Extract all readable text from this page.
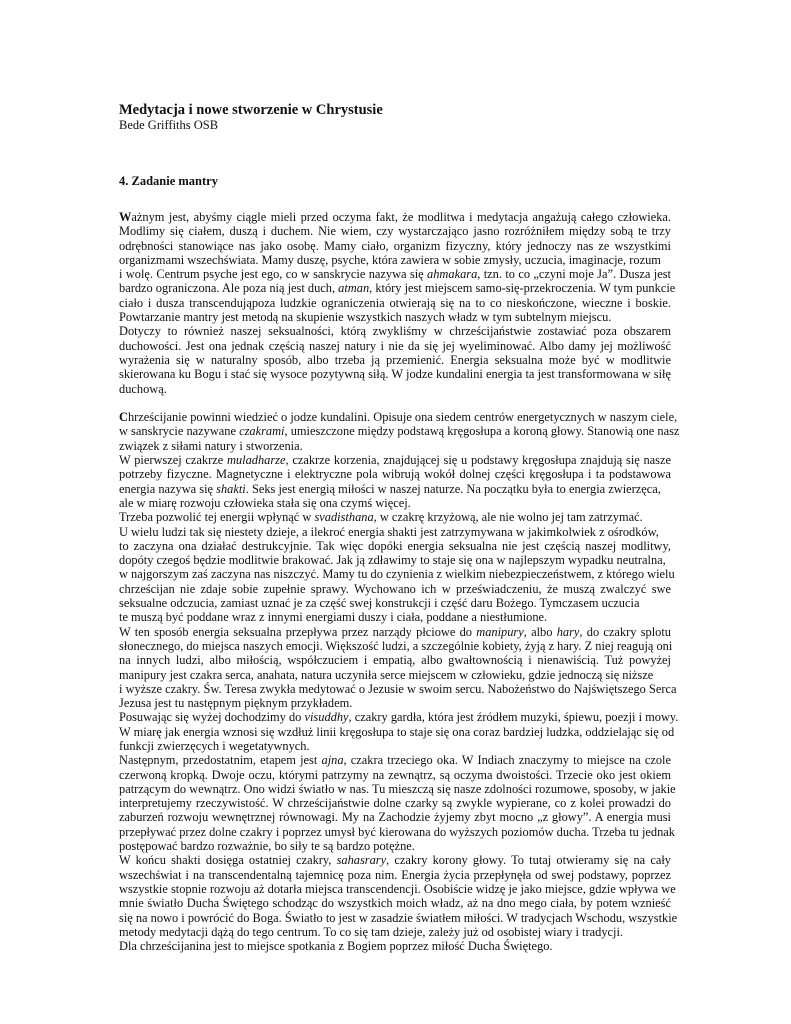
Medytacja i nowe stworzenie w Chrystusie
Bede Griffiths OSB
4. Zadanie mantry
Ważnym jest, abyśmy ciągle mieli przed oczyma fakt, że modlitwa i medytacja angażują całego człowieka.
Modlimy się ciałem, duszą i duchem. Nie wiem, czy wystarczająco jasno rozróżniłem między sobą te trzy
odrębności stanowiące nas jako osobę. Mamy ciało, organizm fizyczny, który jednoczy nas ze wszystkimi
organizmami wszechświata. Mamy duszę, psyche, która zawiera w sobie zmysły, uczucia, imaginacje, rozum
i wolę. Centrum psyche jest ego, co w sanskrycie nazywa się ahmakara, tzn. to co „czyni moje Ja”. Dusza jest
bardzo ograniczona. Ale poza nią jest duch, atman, który jest miejscem samo-się-przekroczenia. W tym punkcie
ciało i dusza transcendująpoza ludzkie ograniczenia otwierają się na to co nieskończone, wieczne i boskie.
Powtarzanie mantry jest metodą na skupienie wszystkich naszych władz w tym subtelnym miejscu.
Dotyczy to również naszej seksualności, którą zwykliśmy w chrześcijaństwie zostawiać poza obszarem
duchowości. Jest ona jednak częścią naszej natury i nie da się jej wyeliminować. Albo damy jej możliwość
wyrażenia się w naturalny sposób, albo trzeba ją przemienić. Energia seksualna może być w modlitwie
skierowana ku Bogu i stać się wysoce pozytywną siłą. W jodze kundalini energia ta jest transformowana w siłę
duchową.
Chrześcijanie powinni wiedzieć o jodze kundalini. Opisuje ona siedem centrów energetycznych w naszym ciele,
w sanskrycie nazywane czakrami, umieszczone między podstawą kręgosłupa a koroną głowy. Stanowią one nasz
związek z siłami natury i stworzenia.
W pierwszej czakrze muladharze, czakrze korzenia, znajdującej się u podstawy kręgosłupa znajdują się nasze
potrzeby fizyczne. Magnetyczne i elektryczne pola wibrują wokół dolnej części kręgosłupa i ta podstawowa
energia nazywa się shakti. Seks jest energią miłości w naszej naturze. Na początku była to energia zwierzęca,
ale w miarę rozwoju człowieka stała się ona czymś więcej.
Trzeba pozwolić tej energii wpłynąć w svadisthana, w czakrę krzyżową, ale nie wolno jej tam zatrzymać.
U wielu ludzi tak się niestety dzieje, a ilekroć energia shakti jest zatrzymywana w jakimkolwiek z ośrodków,
to zaczyna ona działać destrukcyjnie. Tak więc dopóki energia seksualna nie jest częścią naszej modlitwy,
dopóty czegoś będzie modlitwie brakować. Jak ją zdławimy to staje się ona w najlepszym wypadku neutralna,
w najgorszym zaś zaczyna nas niszczyć. Mamy tu do czynienia z wielkim niebezpieczeństwem, z którego wielu
chrześcijan nie zdaje sobie zupełnie sprawy. Wychowano ich w przeświadczeniu, że muszą zwalczyć swe
seksualne odczucia, zamiast uznać je za część swej konstrukcji i część daru Bożego. Tymczasem uczucia
te muszą być poddane wraz z innymi energiami duszy i ciała, poddane a niestłumione.
W ten sposób energia seksualna przepływa przez narządy płciowe do manipury, albo hary, do czakry splotu
słonecznego, do miejsca naszych emocji. Większość ludzi, a szczególnie kobiety, żyją z hary. Z niej reagują oni
na innych ludzi, albo miłością, współczuciem i empatią, albo gwałtownością i nienawiścią. Tuż powyżej
manipury jest czakra serca, anahata, natura uczyniła serce miejscem w człowieku, gdzie jednoczą się niższe
i wyższe czakry. Św. Teresa zwykła medytować o Jezusie w swoim sercu. Nabożeństwo do Najświętszego Serca
Jezusa jest tu następnym pięknym przykładem.
Posuwając się wyżej dochodzimy do visuddhy, czakry gardła, która jest źródłem muzyki, śpiewu, poezji i mowy.
W miarę jak energia wznosi się wzdłuż linii kręgosłupa to staje się ona coraz bardziej ludzka, oddzielając się od
funkcji zwierzęcych i wegetatywnych.
Następnym, przedostatnim, etapem jest ajna, czakra trzeciego oka. W Indiach znaczymy to miejsce na czole
czerwoną kropką. Dwoje oczu, którymi patrzymy na zewnątrz, są oczyma dwoistości. Trzecie oko jest okiem
patrzącym do wewnątrz. Ono widzi światło w nas. Tu mieszczą się nasze zdolności rozumowe, sposoby, w jakie
interpretujemy rzeczywistość. W chrześcijaństwie dolne czarky są zwykle wypierane, co z kolei prowadzi do
zaburzeń rozwoju wewnętrznej równowagi. My na Zachodzie żyjemy zbyt mocno „z głowy”. A energia musi
przepływać przez dolne czakry i poprzez umysł być kierowana do wyższych poziomów ducha. Trzeba tu jednak
postępować bardzo rozważnie, bo siły te są bardzo potężne.
W końcu shakti dosięga ostatniej czakry, sahasrary, czakry korony głowy. To tutaj otwieramy się na cały
wszechświat i na transcendentalną tajemnicę poza nim. Energia życia przepłynęła od swej podstawy, poprzez
wszystkie stopnie rozwoju aż dotarła miejsca transcendencji. Osobiście widzę je jako miejsce, gdzie wpływa we
mnie światło Ducha Świętego schodząc do wszystkich moich władz, aż na dno mego ciała, by potem wznieść
się na nowo i powrócić do Boga. Światło to jest w zasadzie światłem miłości. W tradycjach Wschodu, wszystkie
metody medytacji dążą do tego centrum. To co się tam dzieje, zależy już od osobistej wiary i tradycji.
Dla chrześcijanina jest to miejsce spotkania z Bogiem poprzez miłość Ducha Świętego.
